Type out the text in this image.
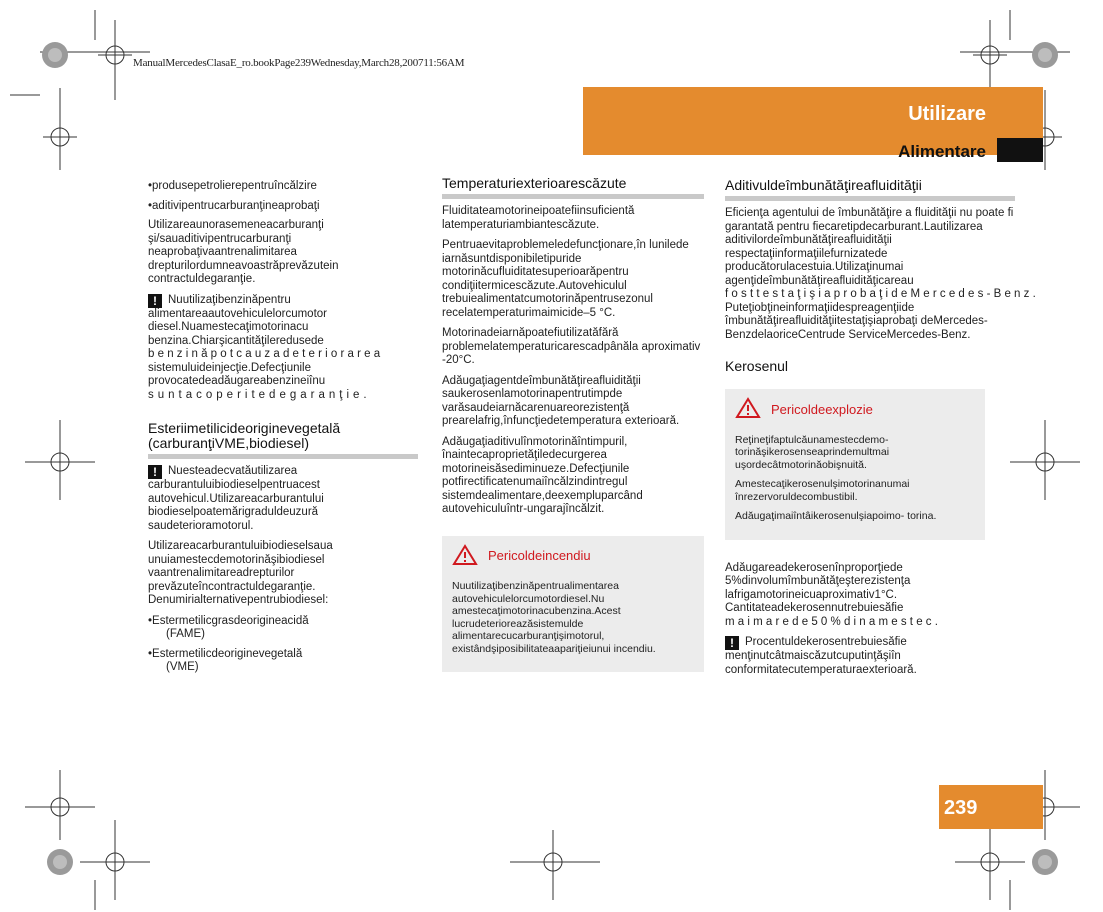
ManualMercedesClasaE_ro.bookPage239Wednesday,March28,200711:56AM
Utilizare
Alimentare

•produsepetrolierepentruîncălzire

•aditivipentrucarburanţineaprobaţi

Utilizareaunorasemeneacarburanţi şi/sauaditivipentrucarburanţi neaprobaţivaantrenalimitarea drepturilordumneavoastrăprevăzutein contractuldegaranţie.

! Nuutilizaţibenzinăpentru alimentareaautovehiculelorcumotor diesel.Nuamestecaţimotorinacu benzina.Chiarşicantităţileredusede
benzinăpotcauzadeteriorarea
sistemuluideinjecţie.Defecţiunile provocatedeadăugareabenzineiînu
suntacoperitedegaranţie.

Esteriimetilicideoriginevegetală (carburanţiVME,biodiesel)

! Nuesteadecvatăutilizarea carburantuluibiodieselpentruacest autovehicul.Utilizareacarburantului biodieselpoatemărigraduldeuzură saudeterioramotorul.

Utilizareacarburantuluibiodieselsaua unuiamestecdemotorinăşibiodiesel vaantrenalimitareadrepturilor prevăzuteîncontractuldegaranţie. Denumirialternativepentrubiodiesel:

•Estermetilicgrasdeorigineacidă

(FAME)

•Estermetilicdeoriginevegetală

(VME)

Temperaturiexterioarescăzute

Fluiditateamotorineipoatefiinsuficientă latemperaturiambiantescăzute.

Pentruaevitaproblemeledefuncţionare,în lunilede iarnăsuntdisponibiletipuride motorinăcufluiditatesuperioarăpentru condiţiitermicescăzute.Autovehiculul trebuiealimentatcumotorinăpentrusezonul recelatemperaturimaimicide–5 °C.

Motorinadeiarnăpoatefiutilizatăfără problemelatemperaturicarescadpânăla aproximativ -20°C.

Adăugaţiagentdeîmbunătăţireafluidităţii saukerosenlamotorinapentrutimpde varăsaudeiarnăcarenuareorezistenţă prearelafrig,înfuncţiedetemperatura exterioară.

Adăugaţiaditivulînmotorinăîntimpuril, înaintecaproprietăţiledecurgerea motorineisăsediminueze.Defecţiunile potfirectificatenumaiîncălzindintregul sistemdealimentare,deexempluparcând autovehiculuîntr-ungarajîncălzit.

Pericoldeincendiu

Nuutilizaţibenzinăpentrualimentarea autovehiculelorcumotordiesel.Nu amestecaţimotorinacubenzina.Acest lucrudeterioreazăsistemulde alimentarecucarburanţişimotorul, existândşiposibilitateaapariţieiunui incendiu.

Aditivuldeîmbunătăţireafluidităţii

Eficienţa agentului de îmbunătăţire a fluidităţii nu poate fi garantată pentru fiecaretipdecarburant.Lautilizarea aditivilordeîmbunătăţireafluidităţii respectaţiinformaţiilefurnizatede producătorulacestuia.Utilizaţinumai agenţideîmbunătăţireafluidităţicareau
fosttestaţişiaprobaţideMercedes-Benz.
Puteţiobţineinformaţiidespreagenţiide îmbunătăţireafluidităţiitestaţişiaprobaţi deMercedes-BenzdelaoriceCentrude ServiceMercedes-Benz.

Kerosenul
Pericoldeexplozie

Reţineţifaptulcăunamestecdemo- torinăşikerosenseaprindemultmai uşordecâtmotorinăobişnuită.

Amestecaţikerosenulşimotorinanumai înrezervoruldecombustibil.

Adăugaţimaiîntâikerosenulşiapoimo- torina.

Adăugareadekerosenînproporţiede 5%dinvolumîmbunătăţeşterezistenţa lafrigamotorineicuaproximativ1°C. Cantitateadekerosennutrebuiesăfie
maimarede50%dinamestec.

! Procentuldekerosentrebuiesăfie menţinutcâtmaiscăzutcuputinţăşiîn conformitatecutemperaturaexterioară.

239
